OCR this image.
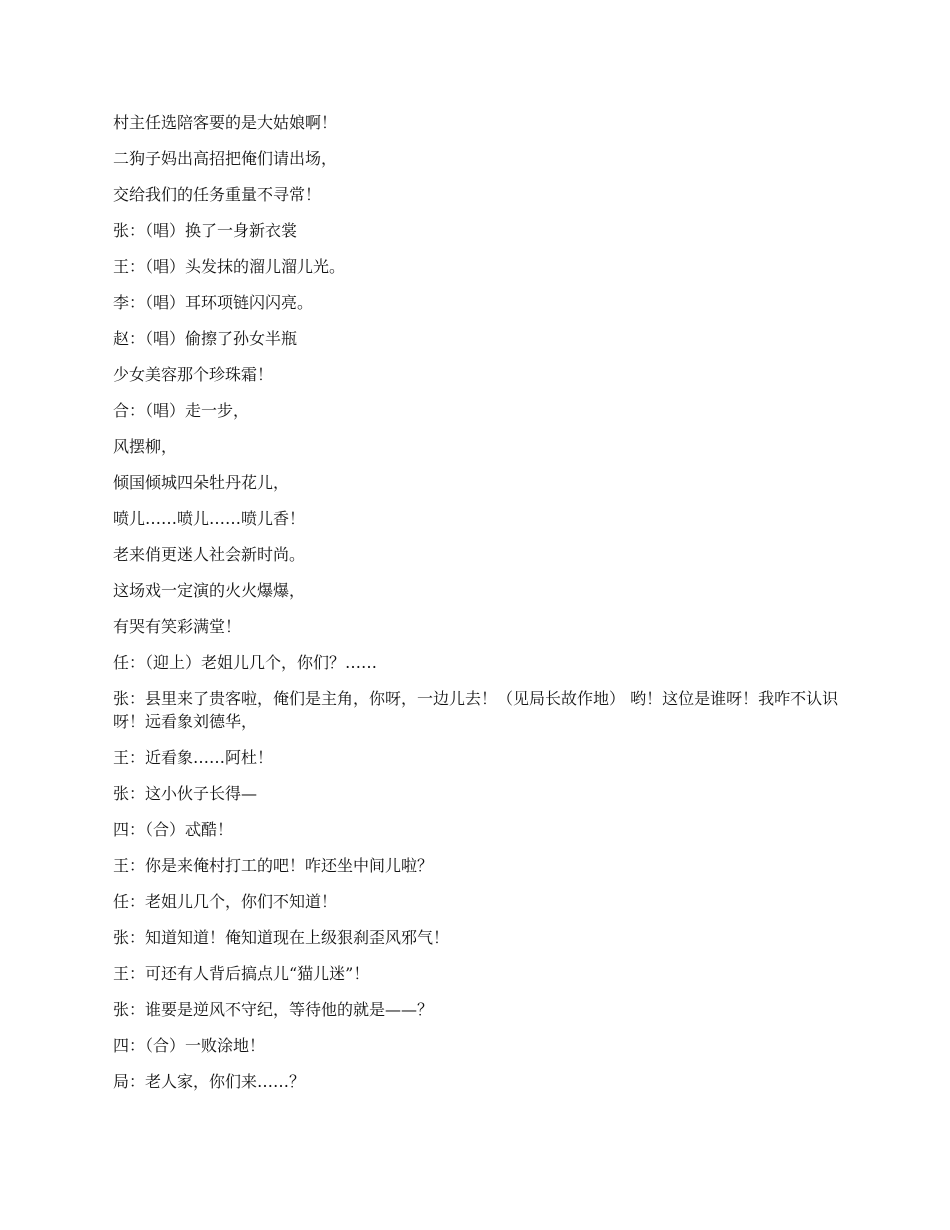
村主任选陪客要的是大姑娘啊！
二狗子妈出高招把俺们请出场，
交给我们的任务重量不寻常！
张：（唱）换了一身新衣裳
王：（唱）头发抹的溜儿溜儿光。
李：（唱）耳环项链闪闪亮。
赵：（唱）偷擦了孙女半瓶
少女美容那个珍珠霜！
合：（唱）走一步，
风摆柳，
倾国倾城四朵牡丹花儿，
喷儿……喷儿……喷儿香！
老来俏更迷人社会新时尚。
这场戏一定演的火火爆爆，
有哭有笑彩满堂！
任：（迎上）老姐儿几个，你们？……
张：县里来了贵客啦，俺们是主角，你呀，一边儿去！（见局长故作地） 哟！这位是谁呀！我咋不认识呀！远看象刘德华，
王：近看象……阿杜！
张：这小伙子长得—
四：（合）忒酷！
王：你是来俺村打工的吧！咋还坐中间儿啦？
任：老姐儿几个，你们不知道！
张：知道知道！俺知道现在上级狠刹歪风邪气！
王：可还有人背后搞点儿“猫儿迷”！
张：谁要是逆风不守纪，等待他的就是——？
四：（合）一败涂地！
局：老人家，你们来……？
